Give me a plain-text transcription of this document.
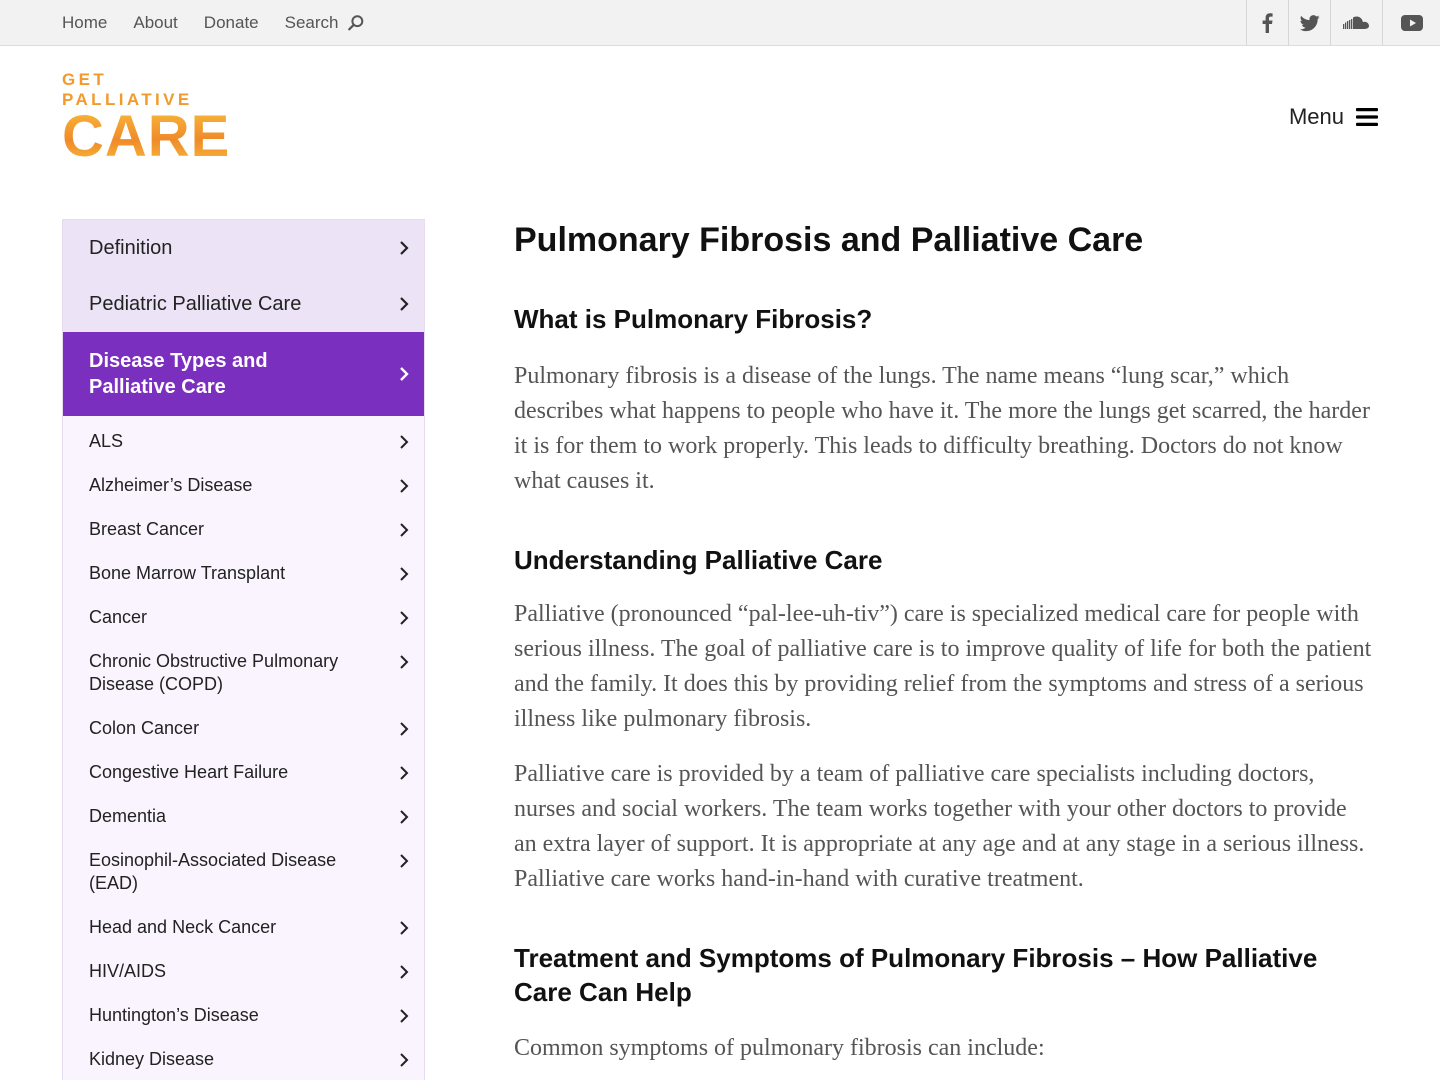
Home About Donate Search
GET PALLIATIVE
CARE	Menu
Definition
Pediatric Palliative Care
Disease Types and
Palliative Care
ALS
Alzheimer’s Disease
Breast Cancer
Bone Marrow Transplant
Cancer
Chronic Obstructive Pulmonary Disease (COPD)
Colon Cancer
Congestive Heart Failure
Dementia
Eosinophil-Associated Disease (EAD)
Head and Neck Cancer
HIV/AIDS
Huntington’s Disease
Kidney Disease
Pulmonary Fibrosis and Palliative Care
What is Pulmonary Fibrosis?

Pulmonary fibrosis is a disease of the lungs. The name means “lung scar,” which describes what happens to people who have it. The more the lungs get scarred, the harder it is for them to work properly. This leads to difficulty breathing. Doctors do not know what causes it.

Understanding Palliative Care

Palliative (pronounced “pal-lee-uh-tiv”) care is specialized medical care for people with serious illness. The goal of palliative care is to improve quality of life for both the patient and the family. It does this by providing relief from the symptoms and stress of a serious illness like pulmonary fibrosis.

Palliative care is provided by a team of palliative care specialists including doctors, nurses and social workers. The team works together with your other doctors to provide an extra layer of support. It is appropriate at any age and at any stage in a serious illness. Palliative care works hand-in-hand with curative treatment.

Treatment and Symptoms of Pulmonary Fibrosis – How Palliative Care Can Help

Common symptoms of pulmonary fibrosis can include:
